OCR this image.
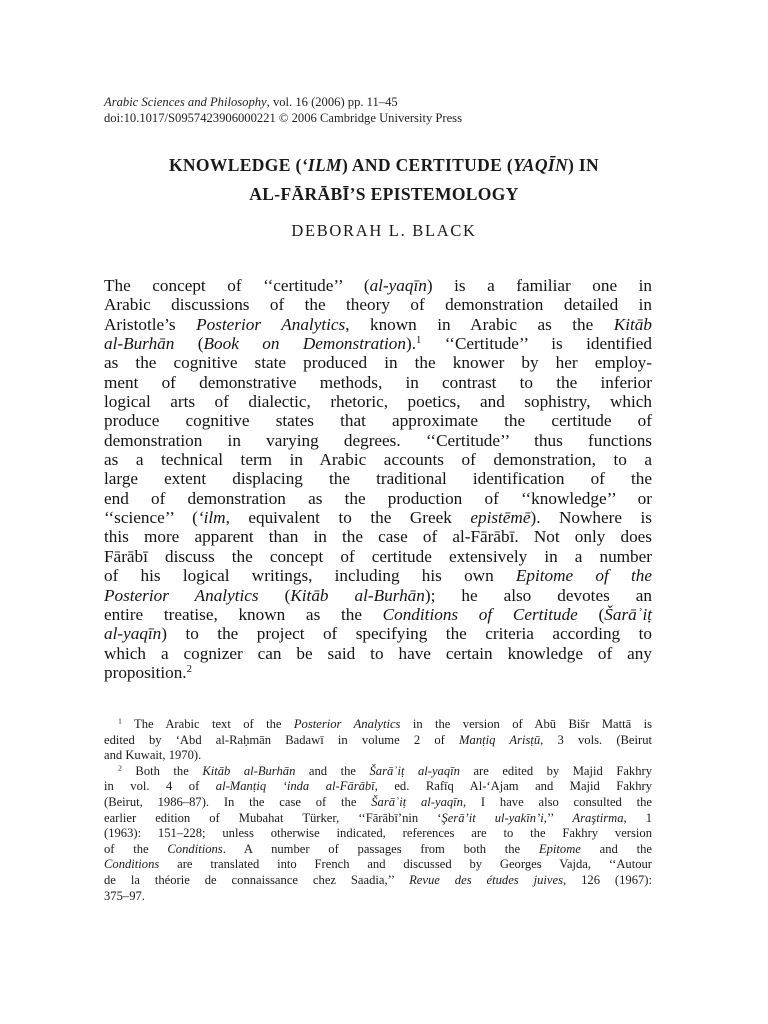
Arabic Sciences and Philosophy, vol. 16 (2006) pp. 11–45
doi:10.1017/S0957423906000221 © 2006 Cambridge University Press
KNOWLEDGE (‘ILM) AND CERTITUDE (YAQĪN) IN
AL-FĀRĀBĪ’S EPISTEMOLOGY
DEBORAH L. BLACK
The concept of ‘‘certitude’’ (al-yaqīn) is a familiar one in
Arabic discussions of the theory of demonstration detailed in
Aristotle’s Posterior Analytics, known in Arabic as the Kitāb
al-Burhān (Book on Demonstration).$^1$ ‘‘Certitude’’ is identified
as the cognitive state produced in the knower by her employ-
ment of demonstrative methods, in contrast to the inferior
logical arts of dialectic, rhetoric, poetics, and sophistry, which
produce cognitive states that approximate the certitude of
demonstration in varying degrees. ‘‘Certitude’’ thus functions
as a technical term in Arabic accounts of demonstration, to a
large extent displacing the traditional identification of the
end of demonstration as the production of ‘‘knowledge’’ or
‘‘science’’ (‘ilm, equivalent to the Greek epistēmē). Nowhere is
this more apparent than in the case of al-Fārābī. Not only does
Fārābī discuss the concept of certitude extensively in a number
of his logical writings, including his own Epitome of the
Posterior Analytics (Kitāb al-Burhān); he also devotes an
entire treatise, known as the Conditions of Certitude (Šarāʾiṭ
al-yaqīn) to the project of specifying the criteria according to
which a cognizer can be said to have certain knowledge of any
proposition.$^2$
$^1$ The Arabic text of the Posterior Analytics in the version of Abū Bišr Mattā is
edited by ‘Abd al-Raḥmān Badawī in volume 2 of Manṭiq Arisṭū, 3 vols. (Beirut
and Kuwait, 1970).
$^2$ Both the Kitāb al-Burhān and the Šarāʾiṭ al-yaqīn are edited by Majid Fakhry
in vol. 4 of al-Manṭiq ‘inda al-Fārābī, ed. Rafīq Al-‘Ajam and Majid Fakhry
(Beirut, 1986–87). In the case of the Šarāʾiṭ al-yaqīn, I have also consulted the
earlier edition of Mubahat Türker, ‘‘Fārābī’nin ‘Şerā’it ul-yakīn’i,’’ Araştirma, 1
(1963): 151–228; unless otherwise indicated, references are to the Fakhry version
of the Conditions. A number of passages from both the Epitome and the
Conditions are translated into French and discussed by Georges Vajda, ‘‘Autour
de la théorie de connaissance chez Saadia,’’ Revue des études juives, 126 (1967):
375–97.
